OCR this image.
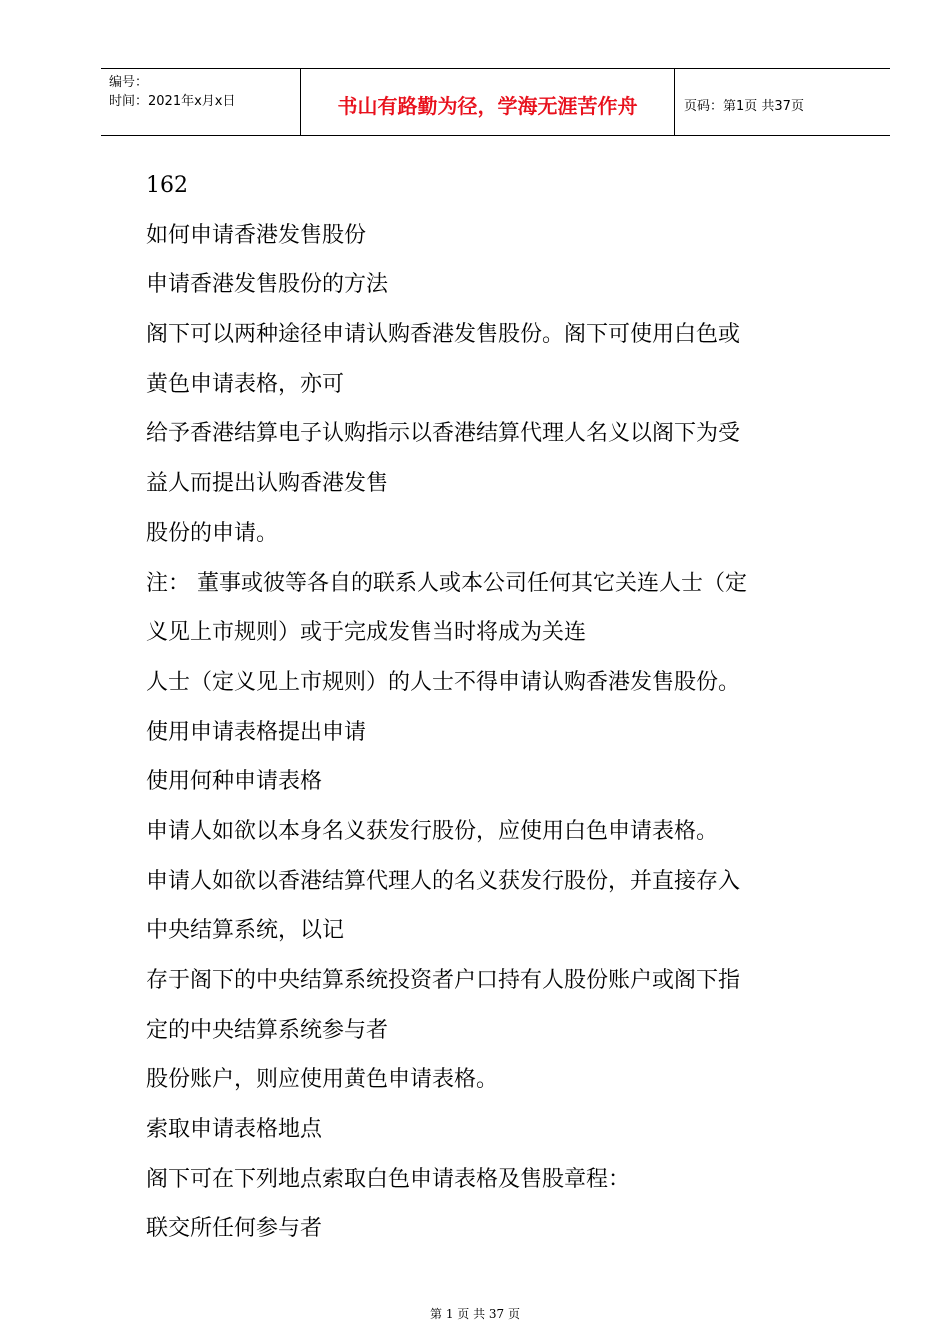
编号：
时间：2021年x月x日	书山有路勤为径，学海无涯苦作舟	页码：第1页 共37页

162

如何申请香港发售股份

申请香港发售股份的方法

阁下可以两种途径申请认购香港发售股份。阁下可使用白色或

黄色申请表格，亦可

给予香港结算电子认购指示以香港结算代理人名义以阁下为受

益人而提出认购香港发售

股份的申请。

注： 董事或彼等各自的联系人或本公司任何其它关连人士（定

义见上市规则）或于完成发售当时将成为关连

人士（定义见上市规则）的人士不得申请认购香港发售股份。

使用申请表格提出申请

使用何种申请表格

申请人如欲以本身名义获发行股份，应使用白色申请表格。

申请人如欲以香港结算代理人的名义获发行股份，并直接存入

中央结算系统，以记

存于阁下的中央结算系统投资者户口持有人股份账户或阁下指

定的中央结算系统参与者

股份账户，则应使用黄色申请表格。

索取申请表格地点

阁下可在下列地点索取白色申请表格及售股章程：

联交所任何参与者

第 1 页 共 37 页
